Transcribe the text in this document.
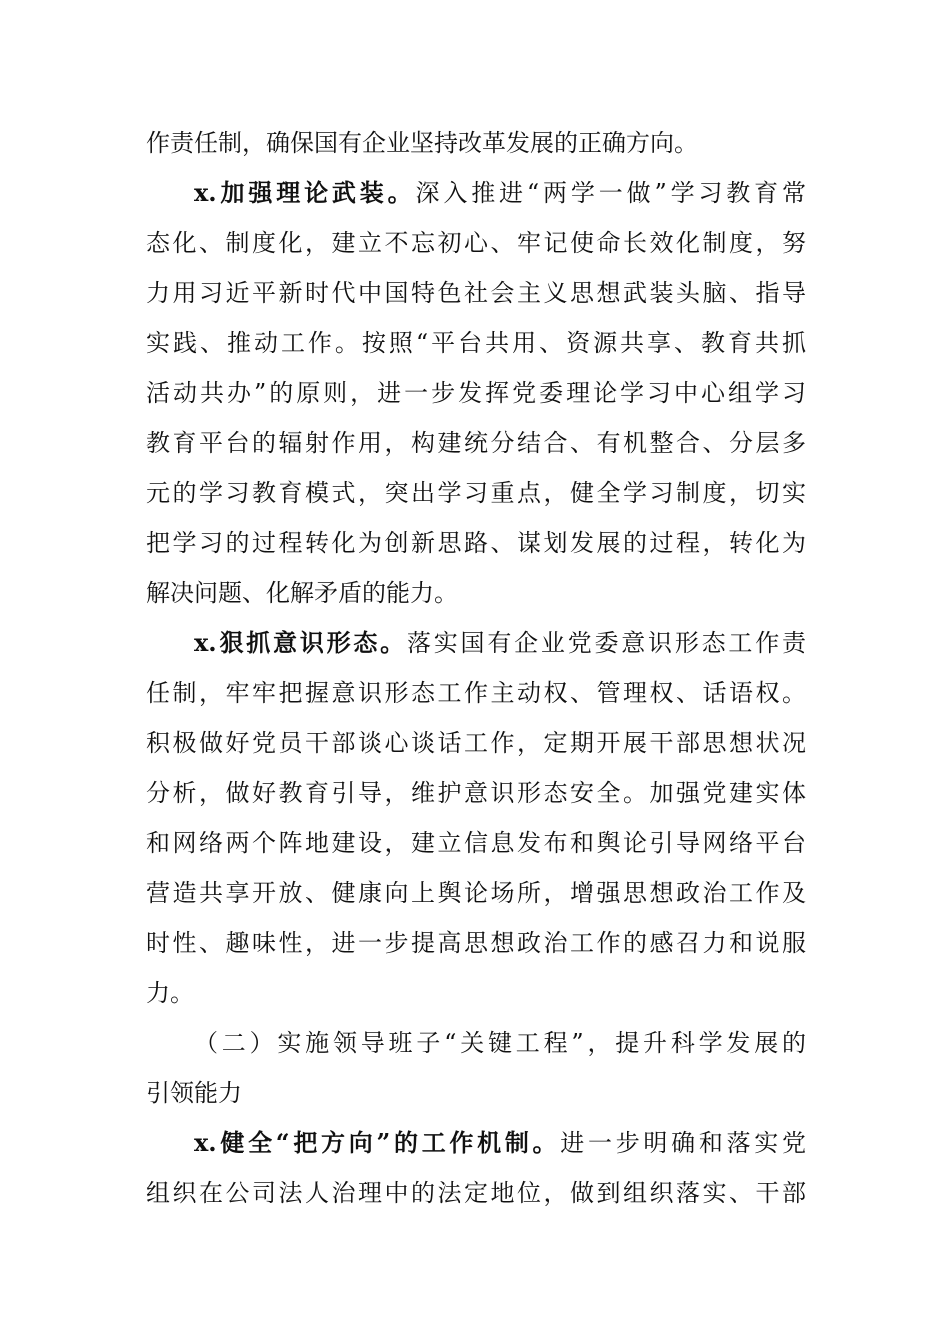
作责任制，确保国有企业坚持改革发展的正确方向。
x.加强理论武装。深入推进“两学一做”学习教育常
态化、制度化，建立不忘初心、牢记使命长效化制度，努
力用习近平新时代中国特色社会主义思想武装头脑、指导
实践、推动工作。按照“平台共用、资源共享、教育共抓
活动共办”的原则，进一步发挥党委理论学习中心组学习
教育平台的辐射作用，构建统分结合、有机整合、分层多
元的学习教育模式，突出学习重点，健全学习制度，切实
把学习的过程转化为创新思路、谋划发展的过程，转化为
解决问题、化解矛盾的能力。
x.狠抓意识形态。落实国有企业党委意识形态工作责
任制，牢牢把握意识形态工作主动权、管理权、话语权。
积极做好党员干部谈心谈话工作，定期开展干部思想状况
分析，做好教育引导，维护意识形态安全。加强党建实体
和网络两个阵地建设，建立信息发布和舆论引导网络平台
营造共享开放、健康向上舆论场所，增强思想政治工作及
时性、趣味性，进一步提高思想政治工作的感召力和说服
力。
（二）实施领导班子“关键工程”，提升科学发展的
引领能力
x.健全“把方向”的工作机制。进一步明确和落实党
组织在公司法人治理中的法定地位，做到组织落实、干部
